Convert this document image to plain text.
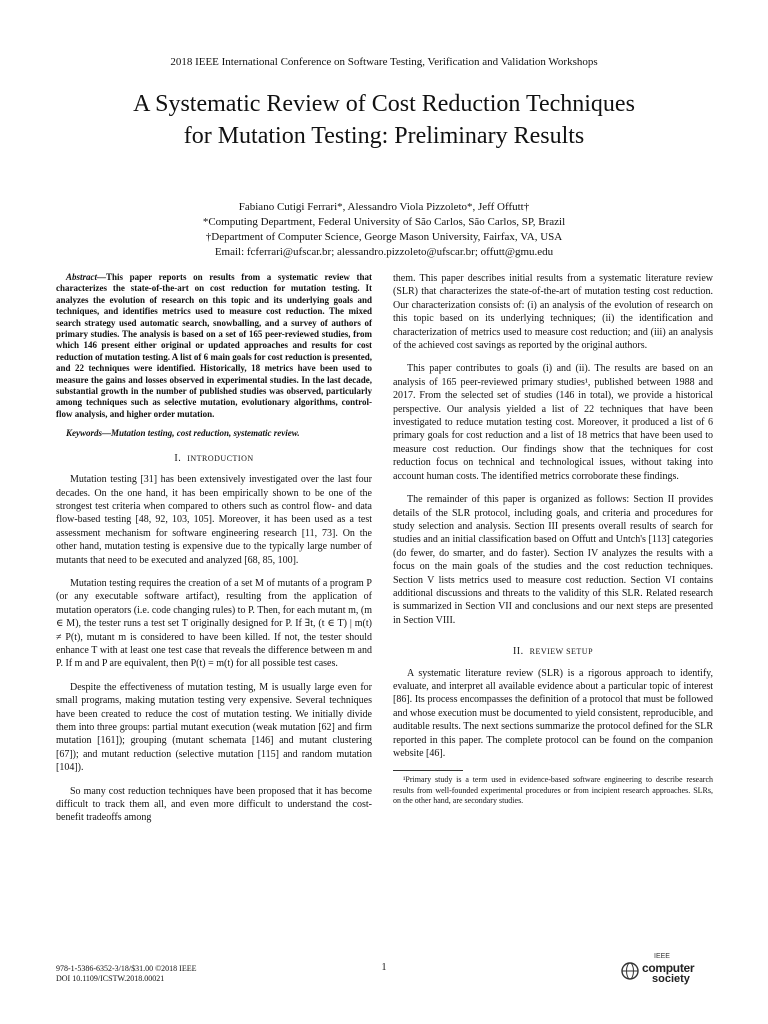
2018 IEEE International Conference on Software Testing, Verification and Validation Workshops
A Systematic Review of Cost Reduction Techniques
for Mutation Testing: Preliminary Results
Fabiano Cutigi Ferrari*, Alessandro Viola Pizzoleto*, Jeff Offutt†
*Computing Department, Federal University of São Carlos, São Carlos, SP, Brazil
†Department of Computer Science, George Mason University, Fairfax, VA, USA
Email: fcferrari@ufscar.br; alessandro.pizzoleto@ufscar.br; offutt@gmu.edu
Abstract—This paper reports on results from a systematic review that characterizes the state-of-the-art on cost reduction for mutation testing. It analyzes the evolution of research on this topic and its underlying goals and techniques, and identifies metrics used to measure cost reduction. The mixed search strategy used automatic search, snowballing, and a survey of authors of primary studies. The analysis is based on a set of 165 peer-reviewed studies, from which 146 present either original or updated approaches and results for cost reduction of mutation testing. A list of 6 main goals for cost reduction is presented, and 22 techniques were identified. Historically, 18 metrics have been used to measure the gains and losses observed in experimental studies. In the last decade, substantial growth in the number of published studies was observed, particularly among techniques such as selective mutation, evolutionary algorithms, control-flow analysis, and higher order mutation.
Keywords—Mutation testing, cost reduction, systematic review.
I. INTRODUCTION

Mutation testing [31] has been extensively investigated over the last four decades. On the one hand, it has been empirically shown to be one of the strongest test criteria when compared to others such as control flow- and data flow-based testing [48, 92, 103, 105]. Moreover, it has been used as a test assessment mechanism for software engineering research [11, 73]. On the other hand, mutation testing is expensive due to the typically large number of mutants that need to be executed and analyzed [68, 85, 100].

Mutation testing requires the creation of a set M of mutants of a program P (or any executable software artifact), resulting from the application of mutation operators (i.e. code changing rules) to P. Then, for each mutant m, (m ∈ M), the tester runs a test set T originally designed for P. If ∃t, (t ∈ T) | m(t) ≠ P(t), mutant m is considered to have been killed. If not, the tester should enhance T with at least one test case that reveals the difference between m and P. If m and P are equivalent, then P(t) = m(t) for all possible test cases.

Despite the effectiveness of mutation testing, M is usually large even for small programs, making mutation testing very expensive. Several techniques have been created to reduce the cost of mutation testing. We initially divide them into three groups: partial mutant execution (weak mutation [62] and firm mutation [161]); grouping (mutant schemata [146] and mutant clustering [67]); and mutant reduction (selective mutation [115] and random mutation [104]).

So many cost reduction techniques have been proposed that it has become difficult to track them all, and even more difficult to understand the cost-benefit tradeoffs among

them. This paper describes initial results from a systematic literature review (SLR) that characterizes the state-of-the-art of mutation testing cost reduction. Our characterization consists of: (i) an analysis of the evolution of research on this topic based on its underlying techniques; (ii) the identification and characterization of metrics used to measure cost reduction; and (iii) an analysis of the achieved cost savings as reported by the original authors.

This paper contributes to goals (i) and (ii). The results are based on an analysis of 165 peer-reviewed primary studies¹, published between 1988 and 2017. From the selected set of studies (146 in total), we provide a historical perspective. Our analysis yielded a list of 22 techniques that have been investigated to reduce mutation testing cost. Moreover, it produced a list of 6 primary goals for cost reduction and a list of 18 metrics that have been used to measure cost reduction. Our findings show that the techniques for cost reduction focus on technical and technological issues, without taking into account human costs. The identified metrics corroborate these findings.

The remainder of this paper is organized as follows: Section II provides details of the SLR protocol, including goals, and criteria and procedures for study selection and analysis. Section III presents overall results of search for studies and an initial classification based on Offutt and Untch's [113] categories (do fewer, do smarter, and do faster). Section IV analyzes the results with a focus on the main goals of the studies and the cost reduction techniques. Section V lists metrics used to measure cost reduction. Section VI contains additional discussions and threats to the validity of this SLR. Related research is summarized in Section VII and conclusions and our next steps are presented in Section VIII.

II. REVIEW SETUP

A systematic literature review (SLR) is a rigorous approach to identify, evaluate, and interpret all available evidence about a particular topic of interest [86]. Its process encompasses the definition of a protocol that must be followed and whose execution must be documented to yield consistent, reproducible, and auditable results. The next sections summarize the protocol defined for the SLR reported in this paper. The complete protocol can be found on the companion website [46].

¹Primary study is a term used in evidence-based software engineering to describe research results from well-founded experimental procedures or from incipient research approaches. SLRs, on the other hand, are secondary studies.
978-1-5386-6352-3/18/$31.00 ©2018 IEEE
DOI 10.1109/ICSTW.2018.00021
1
IEEE
computer
society
